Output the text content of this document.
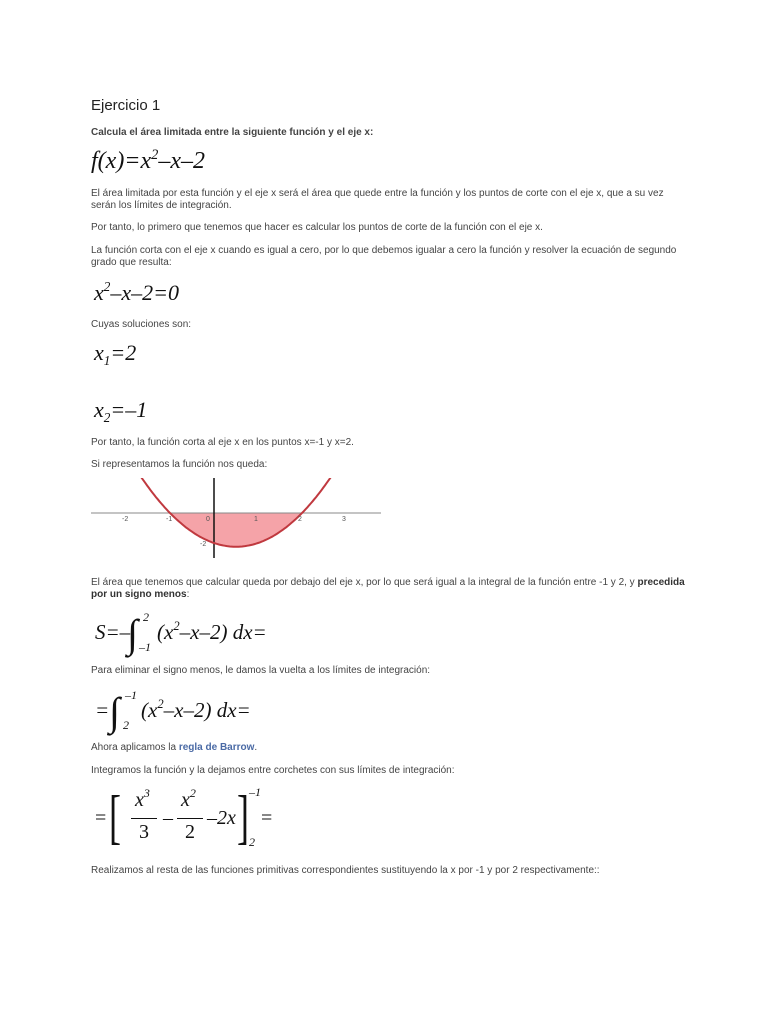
Ejercicio 1
Calcula el área limitada entre la siguiente función y el eje x:
$f(x)=x^2-x-2$
El área limitada por esta función y el eje x será el área que quede entre la función y los puntos de corte con el eje x, que a su vez serán los límites de integración.
Por tanto, lo primero que tenemos que hacer es calcular los puntos de corte de la función con el eje x.
La función corta con el eje x cuando es igual a cero, por lo que debemos igualar a cero la función y resolver la ecuación de segundo grado que resulta:
$x^2-x-2=0$
Cuyas soluciones son:
$x_1=2$
$x_2=-1$
Por tanto, la función corta al eje x en los puntos x=-1 y x=2.
Si representamos la función nos queda:
-2	-1	0	1	2	3
-2
El área que tenemos que calcular queda por debajo del eje x, por lo que será igual a la integral de la función entre -1 y 2, y precedida por un signo menos:
S=–
∫ 2
–1
$(x^2-x-2)$ dx=
Para eliminar el signo menos, le damos la vuelta a los límites de integración:
= ∫ –1
2
$(x^2-x-2)$ dx=
Ahora aplicamos la regla de Barrow.
Integramos la función y la dejamos entre corchetes con sus límites de integración:
= [ $x^3$
3
–
$x^2$
2
–2x ] –1
2
=
Realizamos al resta de las funciones primitivas correspondientes sustituyendo la x por -1 y por 2 respectivamente::
